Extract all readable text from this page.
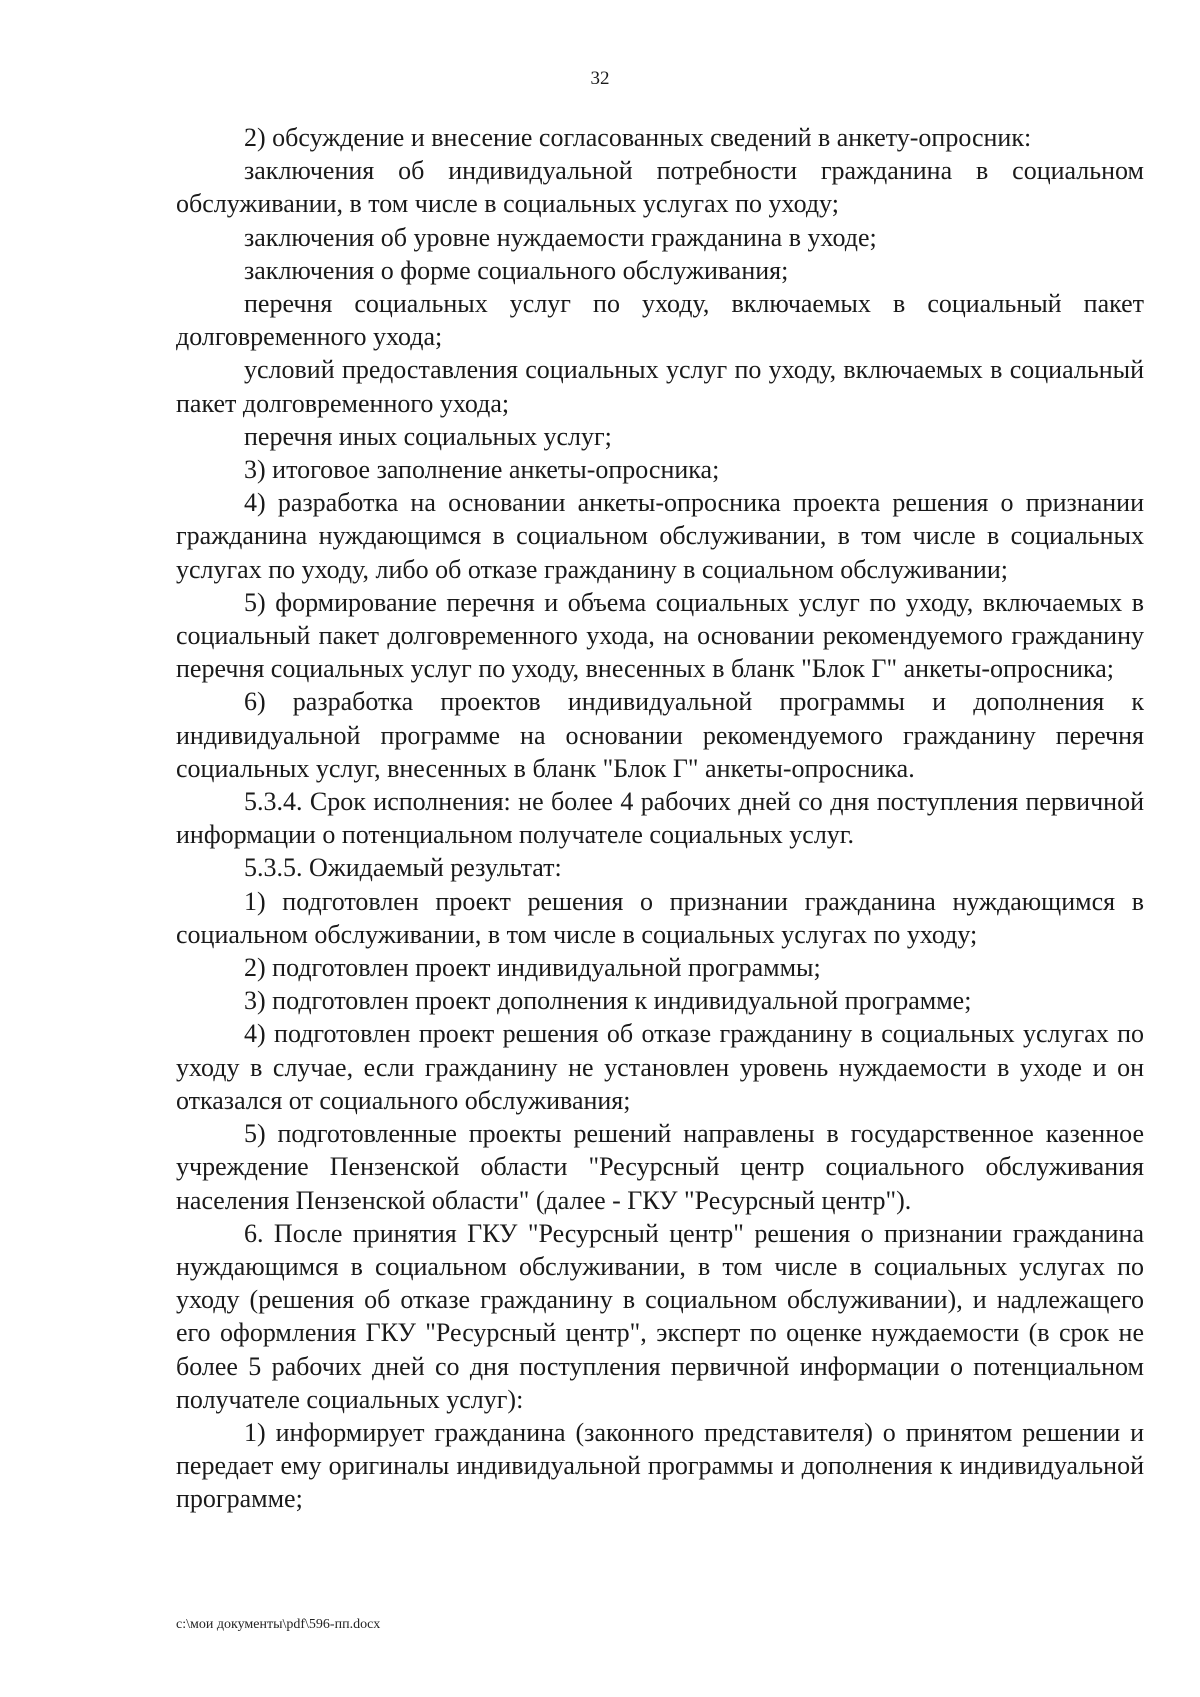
32

2) обсуждение и внесение согласованных сведений в анкету-опросник:

заключения об индивидуальной потребности гражданина в социальном обслуживании, в том числе в социальных услугах по уходу;

заключения об уровне нуждаемости гражданина в уходе;

заключения о форме социального обслуживания;

перечня социальных услуг по уходу, включаемых в социальный пакет долговременного ухода;

условий предоставления социальных услуг по уходу, включаемых в социальный пакет долговременного ухода;

перечня иных социальных услуг;

3) итоговое заполнение анкеты-опросника;

4) разработка на основании анкеты-опросника проекта решения о признании гражданина нуждающимся в социальном обслуживании, в том числе в социальных услугах по уходу, либо об отказе гражданину в социальном обслуживании;

5) формирование перечня и объема социальных услуг по уходу, включаемых в социальный пакет долговременного ухода, на основании рекомендуемого гражданину перечня социальных услуг по уходу, внесенных в бланк "Блок Г" анкеты-опросника;

6) разработка проектов индивидуальной программы и дополнения к индивидуальной программе на основании рекомендуемого гражданину перечня социальных услуг, внесенных в бланк "Блок Г" анкеты-опросника.

5.3.4. Срок исполнения: не более 4 рабочих дней со дня поступления первичной информации о потенциальном получателе социальных услуг.

5.3.5. Ожидаемый результат:

1) подготовлен проект решения о признании гражданина нуждающимся в социальном обслуживании, в том числе в социальных услугах по уходу;

2) подготовлен проект индивидуальной программы;

3) подготовлен проект дополнения к индивидуальной программе;

4) подготовлен проект решения об отказе гражданину в социальных услугах по уходу в случае, если гражданину не установлен уровень нуждаемости в уходе и он отказался от социального обслуживания;

5) подготовленные проекты решений направлены в государственное казенное учреждение Пензенской области "Ресурсный центр социального обслуживания населения Пензенской области" (далее - ГКУ "Ресурсный центр").

6. После принятия ГКУ "Ресурсный центр" решения о признании гражданина нуждающимся в социальном обслуживании, в том числе в социальных услугах по уходу (решения об отказе гражданину в социальном обслуживании), и надлежащего его оформления ГКУ "Ресурсный центр", эксперт по оценке нуждаемости (в срок не более 5 рабочих дней со дня поступления первичной информации о потенциальном получателе социальных услуг):

1) информирует гражданина (законного представителя) о принятом решении и передает ему оригиналы индивидуальной программы и дополнения к индивидуальной программе;

c:\мои документы\pdf\596-пп.docx
